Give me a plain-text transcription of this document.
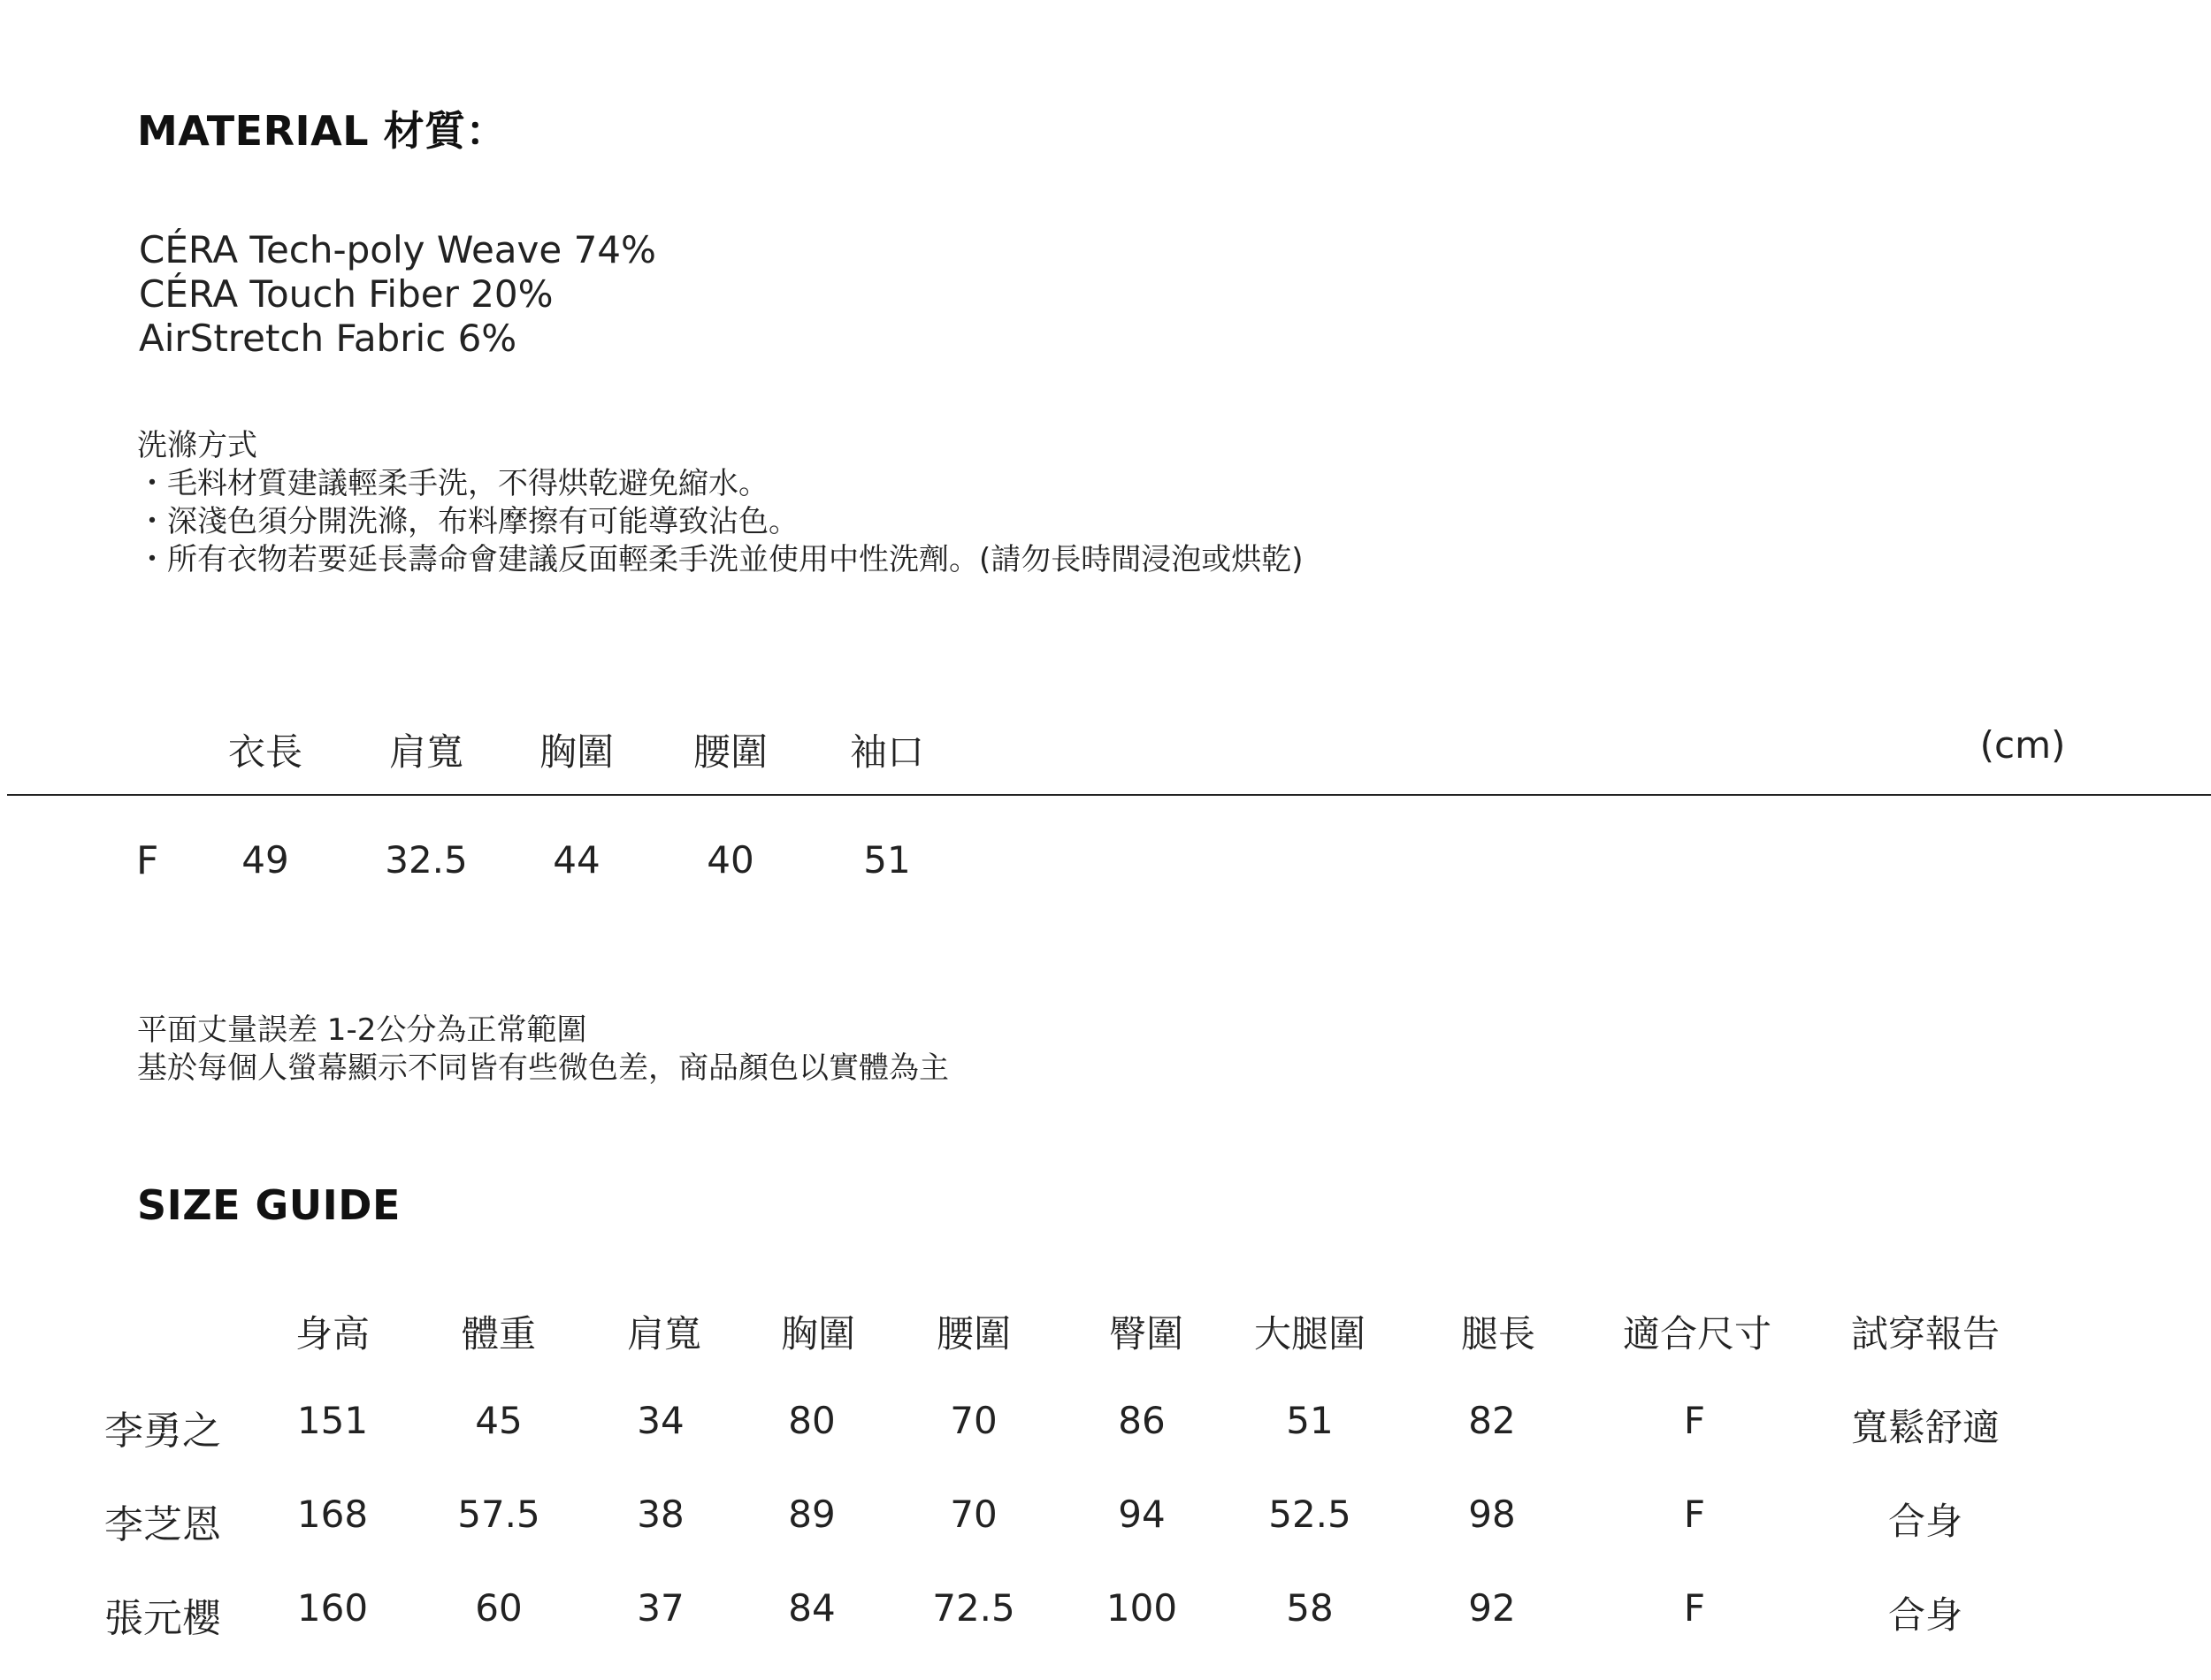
MATERIAL 材質：
CÉRA Tech-poly Weave 74%
CÉRA Touch Fiber 20%
AirStretch Fabric 6%
洗滌方式
・毛料材質建議輕柔手洗，不得烘乾避免縮水。
・深淺色須分開洗滌，布料摩擦有可能導致沾色。
・所有衣物若要延長壽命會建議反面輕柔手洗並使用中性洗劑。(請勿長時間浸泡或烘乾)
衣長 肩寬 胸圍 腰圍 袖口	(cm)
F 49	32.5 44	40	51
平面丈量誤差 1-2公分為正常範圍
基於每個人螢幕顯示不同皆有些微色差，商品顏色以實體為主
SIZE GUIDE
身高 體重 肩寬 胸圍 腰圍	臀圍 大腿圍	腿長 適合尺寸 試穿報告
李勇之 151	45	34	80	70	86	51	82	F	寬鬆舒適
李芝恩 168 57.5	38	89	70	94	52.5	98	F	合身
張元櫻 160	60	37	84	72.5 100	58	92	F	合身
